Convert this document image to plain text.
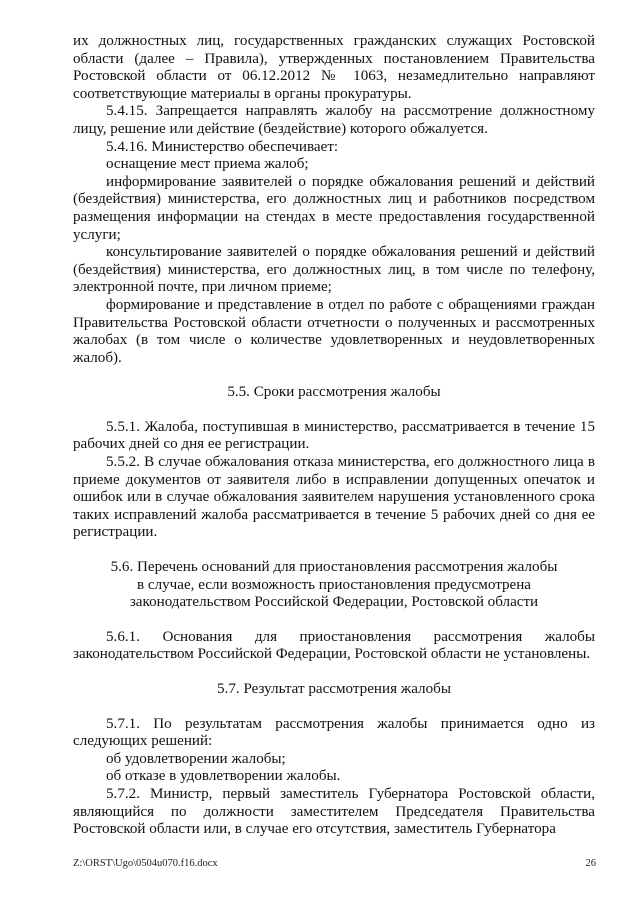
их должностных лиц, государственных гражданских служащих Ростовской области (далее – Правила), утвержденных постановлением Правительства Ростовской области от 06.12.2012 № 1063, незамедлительно направляют соответствующие материалы в органы прокуратуры.

5.4.15. Запрещается направлять жалобу на рассмотрение должностному лицу, решение или действие (бездействие) которого обжалуется.

5.4.16. Министерство обеспечивает:

оснащение мест приема жалоб;

информирование заявителей о порядке обжалования решений и действий (бездействия) министерства, его должностных лиц и работников посредством размещения информации на стендах в месте предоставления государственной услуги;

консультирование заявителей о порядке обжалования решений и действий (бездействия) министерства, его должностных лиц, в том числе по телефону, электронной почте, при личном приеме;

формирование и представление в отдел по работе с обращениями граждан Правительства Ростовской области отчетности о полученных и рассмотренных жалобах (в том числе о количестве удовлетворенных и неудовлетворенных жалоб).

5.5. Сроки рассмотрения жалобы

5.5.1. Жалоба, поступившая в министерство, рассматривается в течение 15 рабочих дней со дня ее регистрации.

5.5.2. В случае обжалования отказа министерства, его должностного лица в приеме документов от заявителя либо в исправлении допущенных опечаток и ошибок или в случае обжалования заявителем нарушения установленного срока таких исправлений жалоба рассматривается в течение 5 рабочих дней со дня ее регистрации.

5.6. Перечень оснований для приостановления рассмотрения жалобы

в случае, если возможность приостановления предусмотрена

законодательством Российской Федерации, Ростовской области

5.6.1. Основания для приостановления рассмотрения жалобы законодательством Российской Федерации, Ростовской области не установлены.

5.7. Результат рассмотрения жалобы

5.7.1. По результатам рассмотрения жалобы принимается одно из следующих решений:

об удовлетворении жалобы;

об отказе в удовлетворении жалобы.

5.7.2. Министр, первый заместитель Губернатора Ростовской области, являющийся по должности заместителем Председателя Правительства Ростовской области или, в случае его отсутствия, заместитель Губернатора

Z:\ORST\Ugo\0504u070.f16.docx	26
